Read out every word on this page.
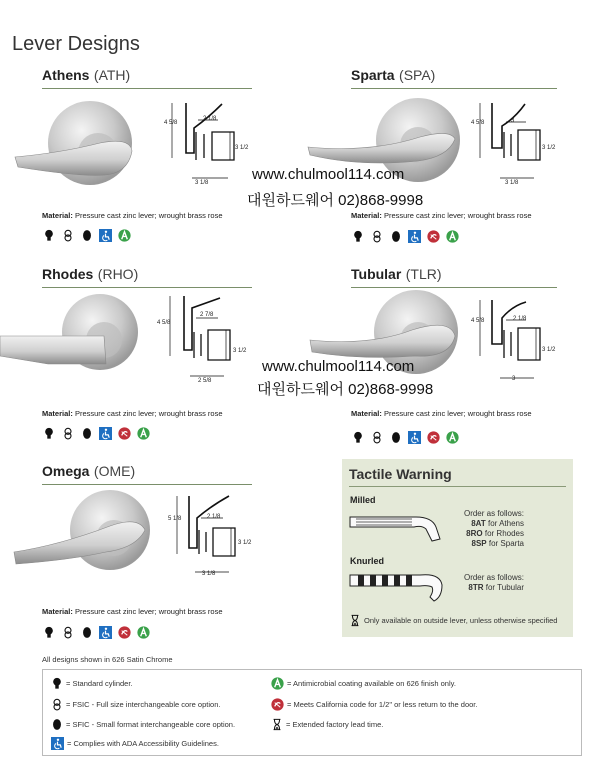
Lever Designs
Athens (ATH)
4 5/8
2 1/8
3 1/2
3 1/8
Material: Pressure cast zinc lever; wrought brass rose
Sparta (SPA)
4 5/8	3
3 1/2
3 1/8
Material: Pressure cast zinc lever; wrought brass rose
www.chulmool114.com
대원하드웨어 02)868-9998
Rhodes (RHO)
2 7/8
4 5/8
3 1/2
2 5/8
Material: Pressure cast zinc lever; wrought brass rose
Tubular (TLR)
4 5/8	2 1/8
3 1/2
3
Material: Pressure cast zinc lever; wrought brass rose
www.chulmool114.com
대원하드웨어 02)868-9998
Omega (OME)
5 1/8	2 1/8
3 1/2
3 1/8
Material: Pressure cast zinc lever; wrought brass rose
Tactile Warning
Milled
Knurled
Order as follows:
8AT for Athens
8RO for Rhodes
8SP for Sparta
Order as follows:
8TR for Tubular
Only available on outside lever, unless otherwise specified
All designs shown in 626 Satin Chrome
= Standard cylinder.
= FSIC - Full size interchangeable core option.
= SFIC - Small format interchangeable core option.
= Complies with ADA Accessibility Guidelines.
= Antimicrobial coating available on 626 finish only.
= Meets California code for 1/2" or less return to the door.
= Extended factory lead time.
